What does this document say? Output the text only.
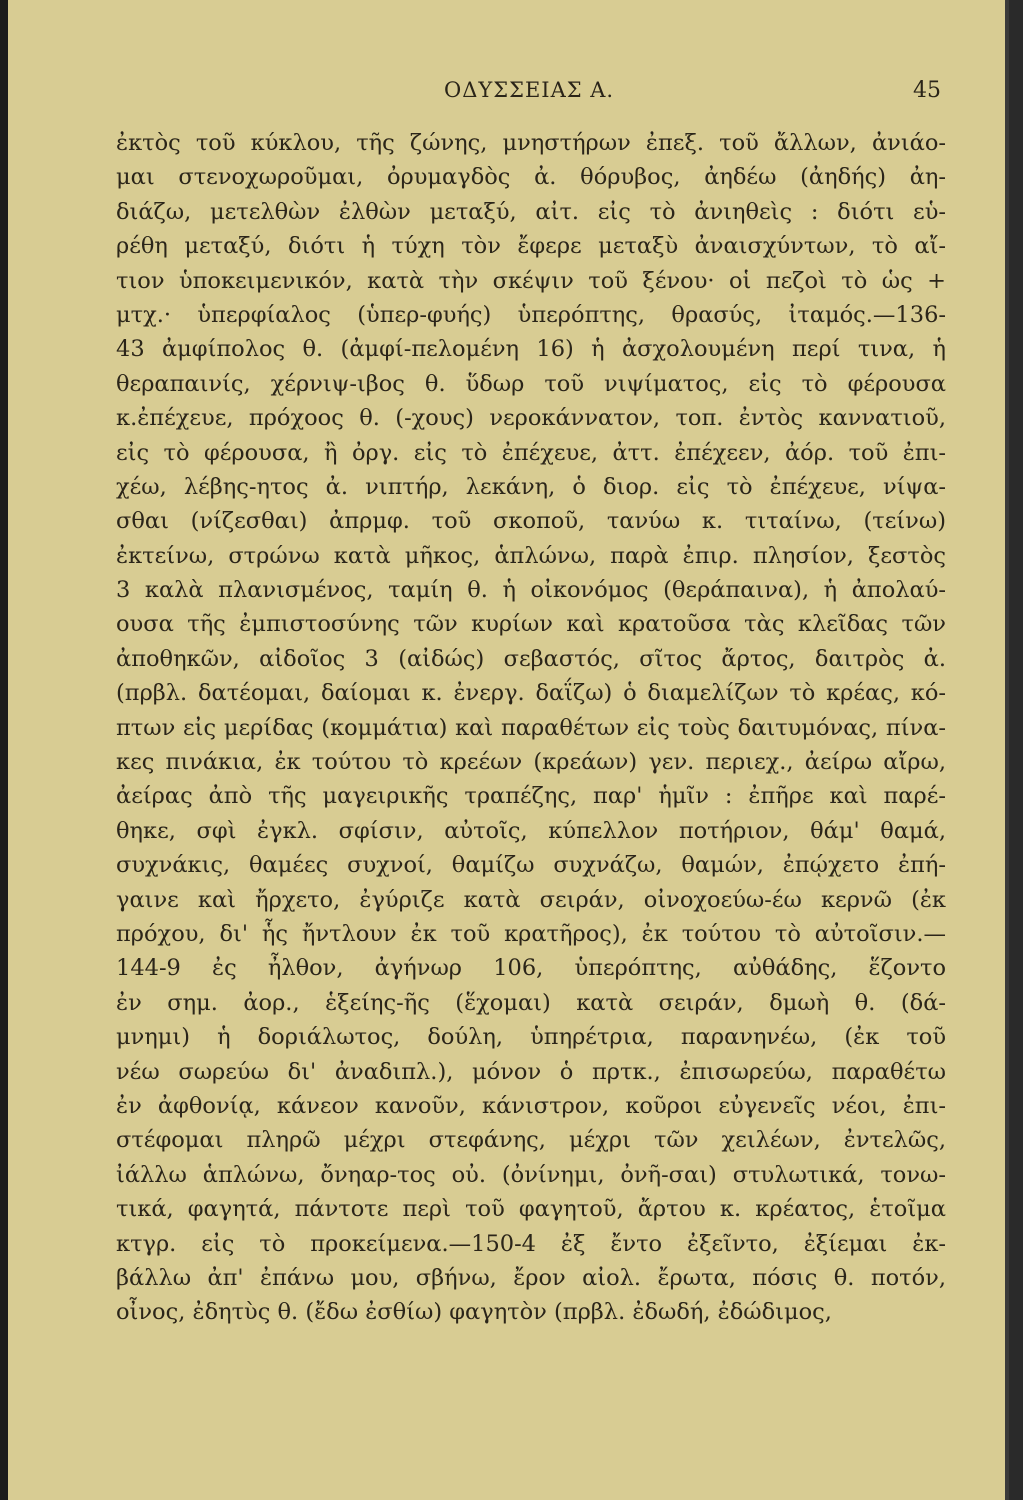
ΟΔΥΣΣΕΙΑΣ Α.	45
ἐκτὸς τοῦ κύκλου, τῆς ζώνης, μνηστήρων ἐπεξ. τοῦ ἄλλων, ἀνιάο-
μαι στενοχωροῦμαι, ὀρυμαγδὸς ἀ. θόρυβος, ἀηδέω (ἀηδής) ἀη-
διάζω, μετελθὼν ἐλθὼν μεταξύ, αἰτ. εἰς τὸ ἀνιηθεὶς : διότι εὑ-
ρέθη μεταξύ, διότι ἡ τύχη τὸν ἔφερε μεταξὺ ἀναισχύντων, τὸ αἴ-
τιον ὑποκειμενικόν, κατὰ τὴν σκέψιν τοῦ ξένου· οἱ πεζοὶ τὸ ὡς +
μτχ.· ὑπερφίαλος (ὑπερ-φυής) ὑπερόπτης, θρασύς, ἰταμός.—136-
43 ἀμφίπολος θ. (ἀμφί-πελομένη 16) ἡ ἀσχολουμένη περί τινα, ἡ
θεραπαινίς, χέρνιψ-ιβος θ. ὕδωρ τοῦ νιψίματος, εἰς τὸ φέρουσα
κ.ἐπέχευε, πρόχοος θ. (-χους) νεροκάννατον, τοπ. ἐντὸς καννατιοῦ,
εἰς τὸ φέρουσα, ἢ ὀργ. εἰς τὸ ἐπέχευε, ἀττ. ἐπέχεεν, ἀόρ. τοῦ ἐπι-
χέω, λέβης-ητος ἀ. νιπτήρ, λεκάνη, ὁ διορ. εἰς τὸ ἐπέχευε, νίψα-
σθαι (νίζεσθαι) ἀπρμφ. τοῦ σκοποῦ, τανύω κ. τιταίνω, (τείνω)
ἐκτείνω, στρώνω κατὰ μῆκος, ἁπλώνω, παρὰ ἐπιρ. πλησίον, ξεστὸς
3 καλὰ πλανισμένος, ταμίη θ. ἡ οἰκονόμος (θεράπαινα), ἡ ἀπολαύ-
ουσα τῆς ἐμπιστοσύνης τῶν κυρίων καὶ κρατοῦσα τὰς κλεῖδας τῶν
ἀποθηκῶν, αἰδοῖος 3 (αἰδώς) σεβαστός, σῖτος ἄρτος, δαιτρὸς ἀ.
(πρβλ. δατέομαι, δαίομαι κ. ἐνεργ. δαΐζω) ὁ διαμελίζων τὸ κρέας, κό-
πτων εἰς μερίδας (κομμάτια) καὶ παραθέτων εἰς τοὺς δαιτυμόνας, πίνα-
κες πινάκια, ἐκ τούτου τὸ κρεέων (κρεάων) γεν. περιεχ., ἀείρω αἴρω,
ἀείρας ἀπὸ τῆς μαγειρικῆς τραπέζης, παρ' ἡμῖν : ἐπῆρε καὶ παρέ-
θηκε, σφὶ ἐγκλ. σφίσιν, αὐτοῖς, κύπελλον ποτήριον, θάμ' θαμά,
συχνάκις, θαμέες συχνοί, θαμίζω συχνάζω, θαμών, ἐπῴχετο ἐπή-
γαινε καὶ ἤρχετο, ἐγύριζε κατὰ σειράν, οἰνοχοεύω-έω κερνῶ (ἐκ
πρόχου, δι' ἧς ἤντλουν ἐκ τοῦ κρατῆρος), ἐκ τούτου τὸ αὐτοῖσιν.—
144-9 ἐς ἦλθον, ἀγήνωρ 106, ὑπερόπτης, αὐθάδης, ἕζοντο
ἐν σημ. ἀορ., ἑξείης-ῆς (ἕχομαι) κατὰ σειράν, δμωὴ θ. (δά-
μνημι) ἡ δοριάλωτος, δούλη, ὑπηρέτρια, παρανηνέω, (ἐκ τοῦ
νέω σωρεύω δι' ἀναδιπλ.), μόνον ὁ πρτκ., ἐπισωρεύω, παραθέτω
ἐν ἀφθονίᾳ, κάνεον κανοῦν, κάνιστρον, κοῦροι εὐγενεῖς νέοι, ἐπι-
στέφομαι πληρῶ μέχρι στεφάνης, μέχρι τῶν χειλέων, ἐντελῶς,
ἰάλλω ἁπλώνω, ὄνηαρ-τος οὐ. (ὀνίνημι, ὀνῆ-σαι) στυλωτικά, τονω-
τικά, φαγητά, πάντοτε περὶ τοῦ φαγητοῦ, ἄρτου κ. κρέατος, ἑτοῖμα
κτγρ. εἰς τὸ προκείμενα.—150-4 ἐξ ἔντο ἐξεῖντο, ἐξίεμαι ἐκ-
βάλλω ἀπ' ἐπάνω μου, σβήνω, ἔρον αἰολ. ἔρωτα, πόσις θ. ποτόν,
οἶνος, ἐδητὺς θ. (ἔδω ἐσθίω) φαγητὸν (πρβλ. ἐδωδή, ἐδώδιμος,
